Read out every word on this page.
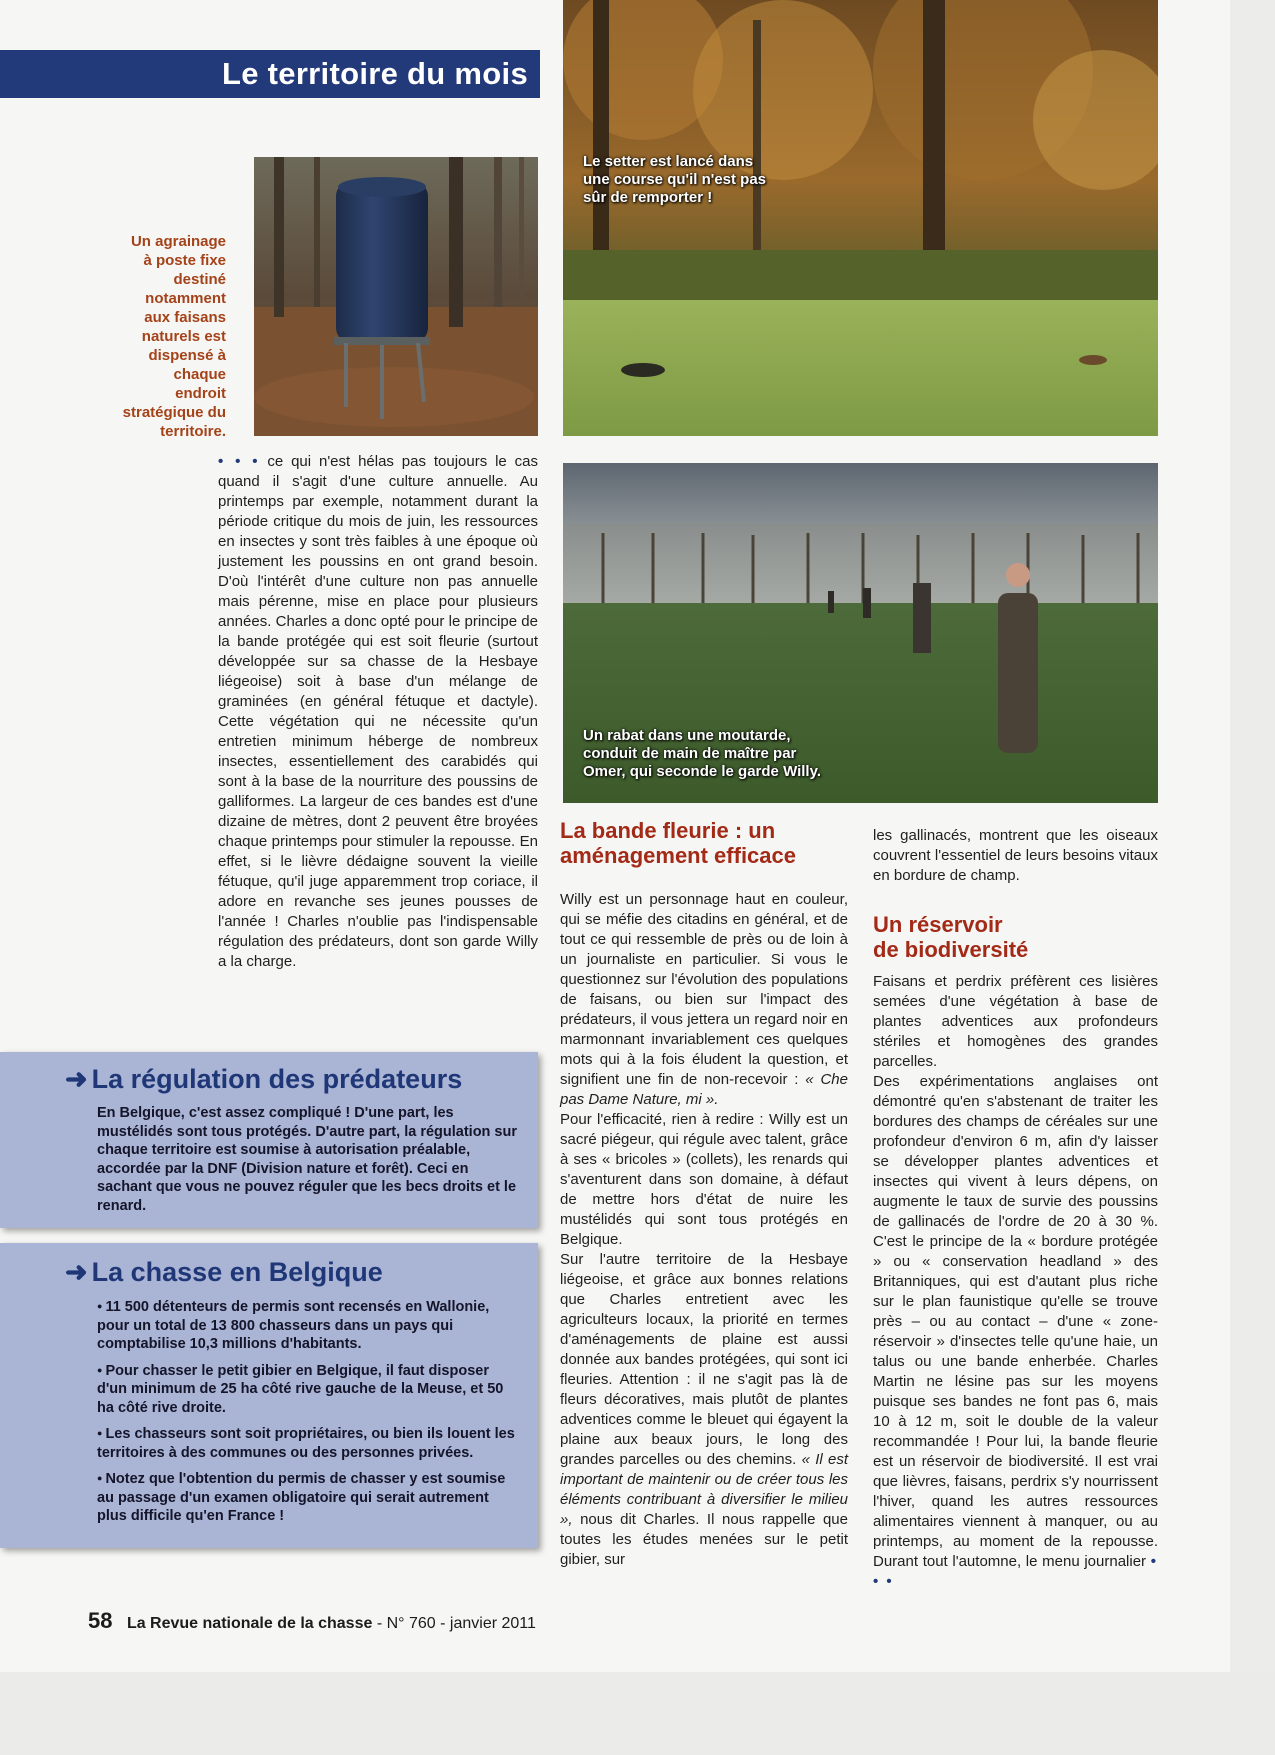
Le territoire du mois
Un agrainage
à poste fixe
destiné
notamment
aux faisans
naturels est
dispensé à
chaque
endroit
stratégique du
territoire.
Le setter est lancé dans
une course qu'il n'est pas
sûr de remporter !
Un rabat dans une moutarde,
conduit de main de maître par
Omer, qui seconde le garde Willy.

• • • ce qui n'est hélas pas toujours le cas quand il s'agit d'une culture annuelle. Au printemps par exemple, notamment durant la période critique du mois de juin, les ressources en insectes y sont très faibles à une époque où justement les poussins en ont grand besoin. D'où l'intérêt d'une culture non pas annuelle mais pérenne, mise en place pour plusieurs années. Charles a donc opté pour le principe de la bande protégée qui est soit fleurie (surtout développée sur sa chasse de la Hesbaye liégeoise) soit à base d'un mélange de graminées (en général fétuque et dactyle). Cette végétation qui ne nécessite qu'un entretien minimum héberge de nombreux insectes, essentiellement des carabidés qui sont à la base de la nourriture des poussins de galliformes. La largeur de ces bandes est d'une dizaine de mètres, dont 2 peuvent être broyées chaque printemps pour stimuler la repousse. En effet, si le lièvre dédaigne souvent la vieille fétuque, qu'il juge apparemment trop coriace, il adore en revanche ses jeunes pousses de l'année ! Charles n'oublie pas l'indispensable régulation des prédateurs, dont son garde Willy a la charge.

La bande fleurie : un
aménagement efficace

Willy est un personnage haut en couleur, qui se méfie des citadins en général, et de tout ce qui ressemble de près ou de loin à un journaliste en particulier. Si vous le questionnez sur l'évolution des populations de faisans, ou bien sur l'impact des prédateurs, il vous jettera un regard noir en marmonnant invariablement ces quelques mots qui à la fois éludent la question, et signifient une fin de non-recevoir : « Che pas Dame Nature, mi ».

Pour l'efficacité, rien à redire : Willy est un sacré piégeur, qui régule avec talent, grâce à ses « bricoles » (collets), les renards qui s'aventurent dans son domaine, à défaut de mettre hors d'état de nuire les mustélidés qui sont tous protégés en Belgique.

Sur l'autre territoire de la Hesbaye liégeoise, et grâce aux bonnes relations que Charles entretient avec les agriculteurs locaux, la priorité en termes d'aménagements de plaine est aussi donnée aux bandes protégées, qui sont ici fleuries. Attention : il ne s'agit pas là de fleurs décoratives, mais plutôt de plantes adventices comme le bleuet qui égayent la plaine aux beaux jours, le long des grandes parcelles ou des chemins. « Il est important de maintenir ou de créer tous les éléments contribuant à diversifier le milieu », nous dit Charles. Il nous rappelle que toutes les études menées sur le petit gibier, sur

les gallinacés, montrent que les oiseaux couvrent l'essentiel de leurs besoins vitaux en bordure de champ.
Un réservoir
de biodiversité

Faisans et perdrix préfèrent ces lisières semées d'une végétation à base de plantes adventices aux profondeurs stériles et homogènes des grandes parcelles.

Des expérimentations anglaises ont démontré qu'en s'abstenant de traiter les bordures des champs de céréales sur une profondeur d'environ 6 m, afin d'y laisser se développer plantes adventices et insectes qui vivent à leurs dépens, on augmente le taux de survie des poussins de gallinacés de l'ordre de 20 à 30 %. C'est le principe de la « bordure protégée » ou « conservation headland » des Britanniques, qui est d'autant plus riche sur le plan faunistique qu'elle se trouve près – ou au contact – d'une « zone-réservoir » d'insectes telle qu'une haie, un talus ou une bande enherbée. Charles Martin ne lésine pas sur les moyens puisque ses bandes ne font pas 6, mais 10 à 12 m, soit le double de la valeur recommandée ! Pour lui, la bande fleurie est un réservoir de biodiversité. Il est vrai que lièvres, faisans, perdrix s'y nourrissent l'hiver, quand les autres ressources alimentaires viennent à manquer, ou au printemps, au moment de la repousse. Durant tout l'automne, le menu journalier • • •

➜ La régulation des prédateurs
En Belgique, c'est assez compliqué ! D'une part, les mustélidés sont tous protégés. D'autre part, la régulation sur chaque territoire est soumise à autorisation préalable, accordée par la DNF (Division nature et forêt). Ceci en sachant que vous ne pouvez réguler que les becs droits et le renard.
➜ La chasse en Belgique
● 11 500 détenteurs de permis sont recensés en Wallonie, pour un total de 13 800 chasseurs dans un pays qui comptabilise 10,3 millions d'habitants.
● Pour chasser le petit gibier en Belgique, il faut disposer d'un minimum de 25 ha côté rive gauche de la Meuse, et 50 ha côté rive droite.
● Les chasseurs sont soit propriétaires, ou bien ils louent les territoires à des communes ou des personnes privées.
● Notez que l'obtention du permis de chasser y est soumise au passage d'un examen obligatoire qui serait autrement plus difficile qu'en France !
58 La Revue nationale de la chasse - N° 760 - janvier 2011
